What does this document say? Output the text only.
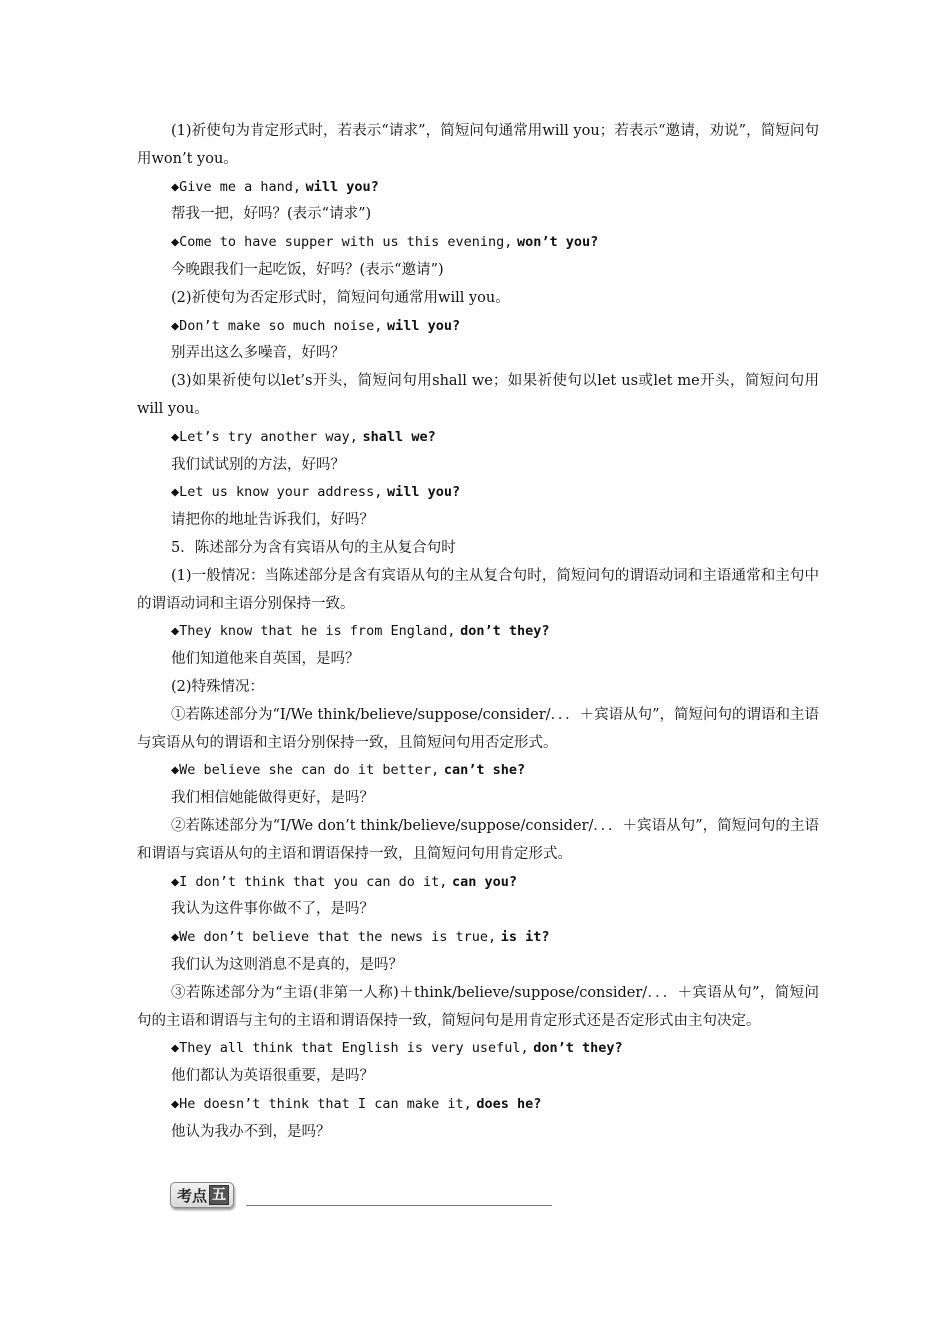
(1)祈使句为肯定形式时，若表示“请求”，简短问句通常用will you；若表示“邀请，劝说”，简短问句用won’t you。
◆Give me a hand, will you?
帮我一把，好吗？(表示“请求”)
◆Come to have supper with us this evening, won’t you?
今晚跟我们一起吃饭，好吗？(表示“邀请”)
(2)祈使句为否定形式时，简短问句通常用will you。
◆Don’t make so much noise, will you?
别弄出这么多噪音，好吗？
(3)如果祈使句以let’s开头，简短问句用shall we；如果祈使句以let us或let me开头，简短问句用will you。
◆Let’s try another way, shall we?
我们试试别的方法，好吗？
◆Let us know your address, will you?
请把你的地址告诉我们，好吗？
5．陈述部分为含有宾语从句的主从复合句时
(1)一般情况：当陈述部分是含有宾语从句的主从复合句时，简短问句的谓语动词和主语通常和主句中的谓语动词和主语分别保持一致。
◆They know that he is from England, don’t they?
他们知道他来自英国，是吗？
(2)特殊情况：
①若陈述部分为“I/We think/believe/suppose/consider/．．．＋宾语从句”，简短问句的谓语和主语与宾语从句的谓语和主语分别保持一致，且简短问句用否定形式。
◆We believe she can do it better, can’t she?
我们相信她能做得更好，是吗？
②若陈述部分为“I/We don’t think/believe/suppose/consider/．．．＋宾语从句”，简短问句的主语和谓语与宾语从句的主语和谓语保持一致，且简短问句用肯定形式。
◆I don’t think that you can do it, can you?
我认为这件事你做不了，是吗？
◆We don’t believe that the news is true, is it?
我们认为这则消息不是真的，是吗？
③若陈述部分为“主语(非第一人称)＋think/believe/suppose/consider/．．．＋宾语从句”，简短问句的主语和谓语与主句的主语和谓语保持一致，简短问句是用肯定形式还是否定形式由主句决定。
◆They all think that English is very useful, don’t they?
他们都认为英语很重要，是吗？
◆He doesn’t think that I can make it, does he?
他认为我办不到，是吗？
考点 五
